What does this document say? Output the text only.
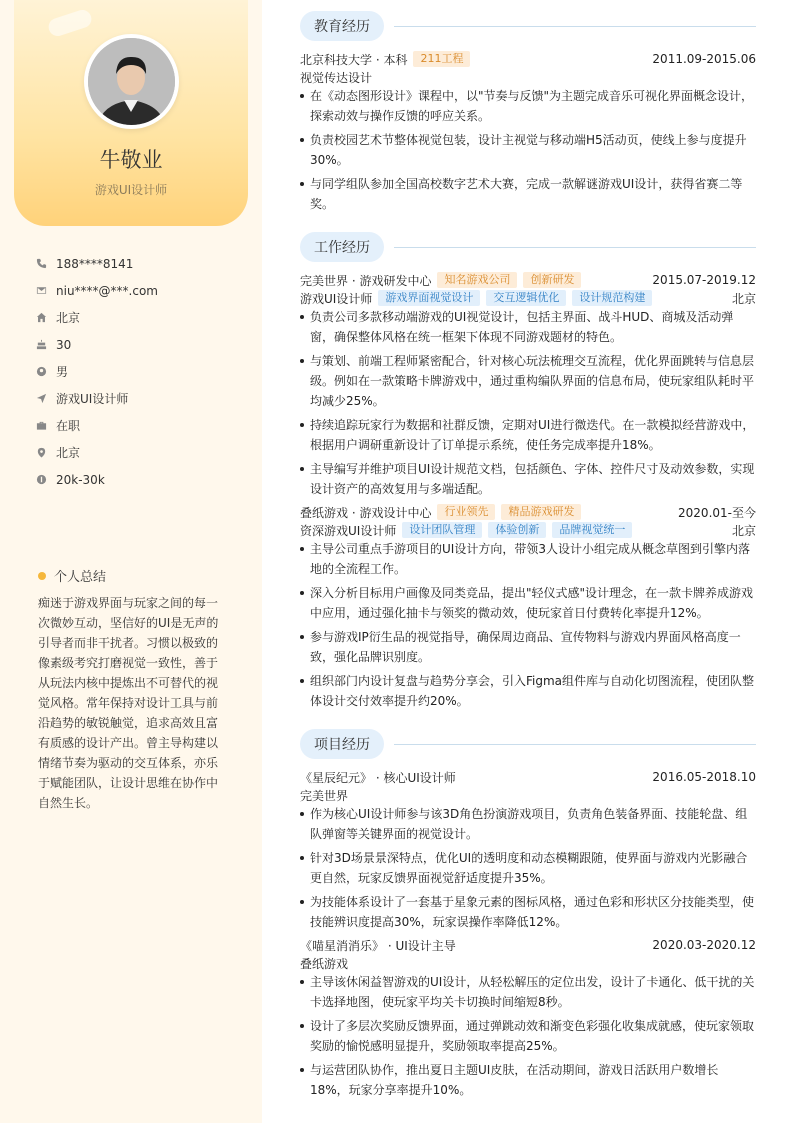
牛敬业
游戏UI设计师
188****8141
niu****@***.com
北京
30
男
游戏UI设计师
在职
北京
20k-30k
个人总结
痴迷于游戏界面与玩家之间的每一次微妙互动，坚信好的UI是无声的引导者而非干扰者。习惯以极致的像素级考究打磨视觉一致性，善于从玩法内核中提炼出不可替代的视觉风格。常年保持对设计工具与前沿趋势的敏锐触觉，追求高效且富有质感的设计产出。曾主导构建以情绪节奏为驱动的交互体系，亦乐于赋能团队，让设计思维在协作中自然生长。
教育经历
北京科技大学 · 本科	211工程	2011.09-2015.06
视觉传达设计
在《动态图形设计》课程中，以"节奏与反馈"为主题完成音乐可视化界面概念设计，探索动效与操作反馈的呼应关系。
负责校园艺术节整体视觉包装，设计主视觉与移动端H5活动页，使线上参与度提升30%。
与同学组队参加全国高校数字艺术大赛，完成一款解谜游戏UI设计，获得省赛二等奖。
工作经历
完美世界 · 游戏研发中心	知名游戏公司	创新研发	2015.07-2019.12
游戏UI设计师	游戏界面视觉设计	交互逻辑优化	设计规范构建	北京
负责公司多款移动端游戏的UI视觉设计，包括主界面、战斗HUD、商城及活动弹窗，确保整体风格在统一框架下体现不同游戏题材的特色。
与策划、前端工程师紧密配合，针对核心玩法梳理交互流程，优化界面跳转与信息层级。例如在一款策略卡牌游戏中，通过重构编队界面的信息布局，使玩家组队耗时平均减少25%。
持续追踪玩家行为数据和社群反馈，定期对UI进行微迭代。在一款模拟经营游戏中，根据用户调研重新设计了订单提示系统，使任务完成率提升18%。
主导编写并维护项目UI设计规范文档，包括颜色、字体、控件尺寸及动效参数，实现设计资产的高效复用与多端适配。
叠纸游戏 · 游戏设计中心	行业领先	精品游戏研发	2020.01-至今
资深游戏UI设计师	设计团队管理	体验创新	品牌视觉统一	北京
主导公司重点手游项目的UI设计方向，带领3人设计小组完成从概念草图到引擎内落地的全流程工作。
深入分析目标用户画像及同类竞品，提出"轻仪式感"设计理念，在一款卡牌养成游戏中应用，通过强化抽卡与领奖的微动效，使玩家首日付费转化率提升12%。
参与游戏IP衍生品的视觉指导，确保周边商品、宣传物料与游戏内界面风格高度一致，强化品牌识别度。
组织部门内设计复盘与趋势分享会，引入Figma组件库与自动化切图流程，使团队整体设计交付效率提升约20%。
项目经历
《星辰纪元》 · 核心UI设计师	2016.05-2018.10
完美世界
作为核心UI设计师参与该3D角色扮演游戏项目，负责角色装备界面、技能轮盘、组队弹窗等关键界面的视觉设计。
针对3D场景景深特点，优化UI的透明度和动态模糊跟随，使界面与游戏内光影融合更自然，玩家反馈界面视觉舒适度提升35%。
为技能体系设计了一套基于星象元素的图标风格，通过色彩和形状区分技能类型，使技能辨识度提高30%，玩家误操作率降低12%。
《喵星消消乐》 · UI设计主导	2020.03-2020.12
叠纸游戏
主导该休闲益智游戏的UI设计，从轻松解压的定位出发，设计了卡通化、低干扰的关卡选择地图，使玩家平均关卡切换时间缩短8秒。
设计了多层次奖励反馈界面，通过弹跳动效和渐变色彩强化收集成就感，使玩家领取奖励的愉悦感明显提升，奖励领取率提高25%。
与运营团队协作，推出夏日主题UI皮肤，在活动期间，游戏日活跃用户数增长18%，玩家分享率提升10%。
